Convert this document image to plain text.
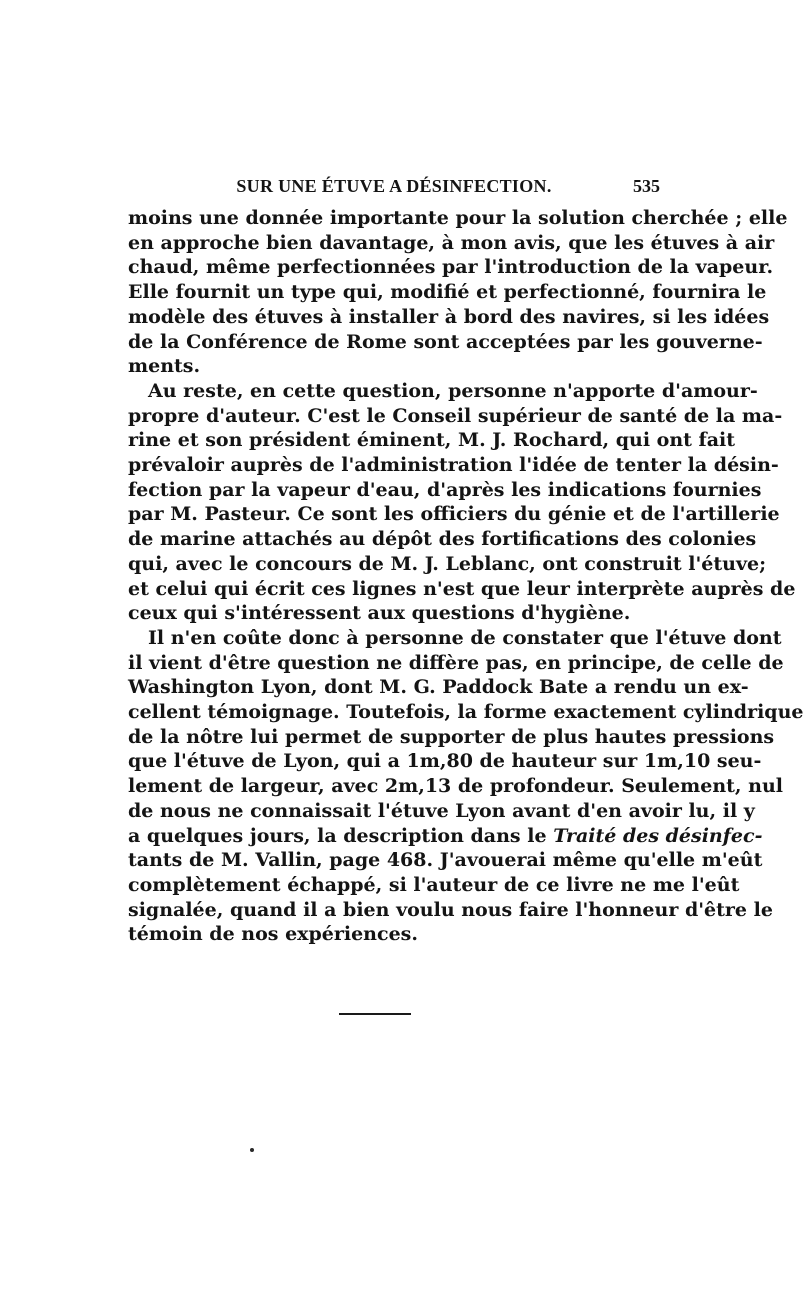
SUR UNE ÉTUVE A DÉSINFECTION.	535
moins une donnée importante pour la solution cherchée ; elle
en approche bien davantage, à mon avis, que les étuves à air
chaud, même perfectionnées par l'introduction de la vapeur.
Elle fournit un type qui, modifié et perfectionné, fournira le
modèle des étuves à installer à bord des navires, si les idées
de la Conférence de Rome sont acceptées par les gouverne-
ments.
Au reste, en cette question, personne n'apporte d'amour-
propre d'auteur. C'est le Conseil supérieur de santé de la ma-
rine et son président éminent, M. J. Rochard, qui ont fait
prévaloir auprès de l'administration l'idée de tenter la désin-
fection par la vapeur d'eau, d'après les indications fournies
par M. Pasteur. Ce sont les officiers du génie et de l'artillerie
de marine attachés au dépôt des fortifications des colonies
qui, avec le concours de M. J. Leblanc, ont construit l'étuve;
et celui qui écrit ces lignes n'est que leur interprète auprès de
ceux qui s'intéressent aux questions d'hygiène.
Il n'en coûte donc à personne de constater que l'étuve dont
il vient d'être question ne diffère pas, en principe, de celle de
Washington Lyon, dont M. G. Paddock Bate a rendu un ex-
cellent témoignage. Toutefois, la forme exactement cylindrique
de la nôtre lui permet de supporter de plus hautes pressions
que l'étuve de Lyon, qui a 1m,80 de hauteur sur 1m,10 seu-
lement de largeur, avec 2m,13 de profondeur. Seulement, nul
de nous ne connaissait l'étuve Lyon avant d'en avoir lu, il y
a quelques jours, la description dans le Traité des désinfec-
tants de M. Vallin, page 468. J'avouerai même qu'elle m'eût
complètement échappé, si l'auteur de ce livre ne me l'eût
signalée, quand il a bien voulu nous faire l'honneur d'être le
témoin de nos expériences.
